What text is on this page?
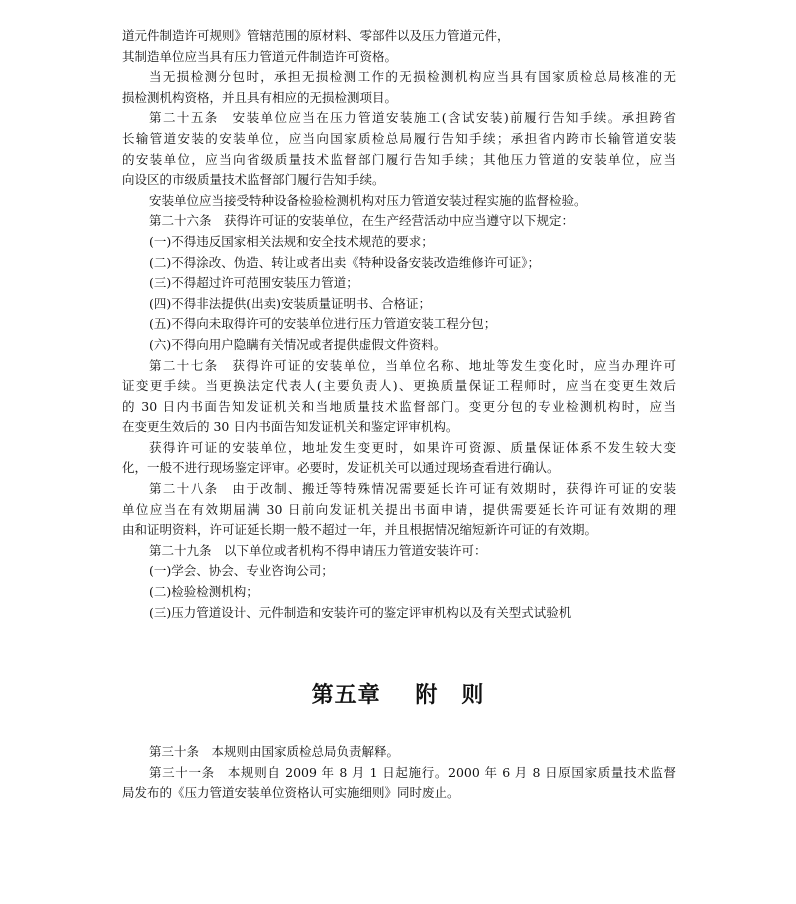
道元件制造许可规则》管辖范围的原材料、零部件以及压力管道元件，
其制造单位应当具有压力管道元件制造许可资格。
当无损检测分包时，承担无损检测工作的无损检测机构应当具有国家质检总局核准的无
损检测机构资格，并且具有相应的无损检测项目。
第二十五条　安装单位应当在压力管道安装施工(含试安装)前履行告知手续。承担跨省
长输管道安装的安装单位，应当向国家质检总局履行告知手续；承担省内跨市长输管道安装
的安装单位，应当向省级质量技术监督部门履行告知手续；其他压力管道的安装单位，应当
向设区的市级质量技术监督部门履行告知手续。
安装单位应当接受特种设备检验检测机构对压力管道安装过程实施的监督检验。
第二十六条　获得许可证的安装单位，在生产经营活动中应当遵守以下规定：
(一)不得违反国家相关法规和安全技术规范的要求；
(二)不得涂改、伪造、转让或者出卖《特种设备安装改造维修许可证》；
(三)不得超过许可范围安装压力管道；
(四)不得非法提供(出卖)安装质量证明书、合格证；
(五)不得向未取得许可的安装单位进行压力管道安装工程分包；
(六)不得向用户隐瞒有关情况或者提供虚假文件资料。
第二十七条　获得许可证的安装单位，当单位名称、地址等发生变化时，应当办理许可
证变更手续。当更换法定代表人(主要负责人)、更换质量保证工程师时，应当在变更生效后
的 30 日内书面告知发证机关和当地质量技术监督部门。变更分包的专业检测机构时，应当
在变更生效后的 30 日内书面告知发证机关和鉴定评审机构。
获得许可证的安装单位，地址发生变更时，如果许可资源、质量保证体系不发生较大变
化，一般不进行现场鉴定评审。必要时，发证机关可以通过现场查看进行确认。
第二十八条　由于改制、搬迁等特殊情况需要延长许可证有效期时，获得许可证的安装
单位应当在有效期届满 30 日前向发证机关提出书面申请，提供需要延长许可证有效期的理
由和证明资料，许可证延长期一般不超过一年，并且根据情况缩短新许可证的有效期。
第二十九条　以下单位或者机构不得申请压力管道安装许可：
(一)学会、协会、专业咨询公司；
(二)检验检测机构；
(三)压力管道设计、元件制造和安装许可的鉴定评审机构以及有关型式试验机
第五章 附　则
第三十条　本规则由国家质检总局负责解释。
第三十一条　本规则自 2009 年 8 月 1 日起施行。2000 年 6 月 8 日原国家质量技术监督
局发布的《压力管道安装单位资格认可实施细则》同时废止。
